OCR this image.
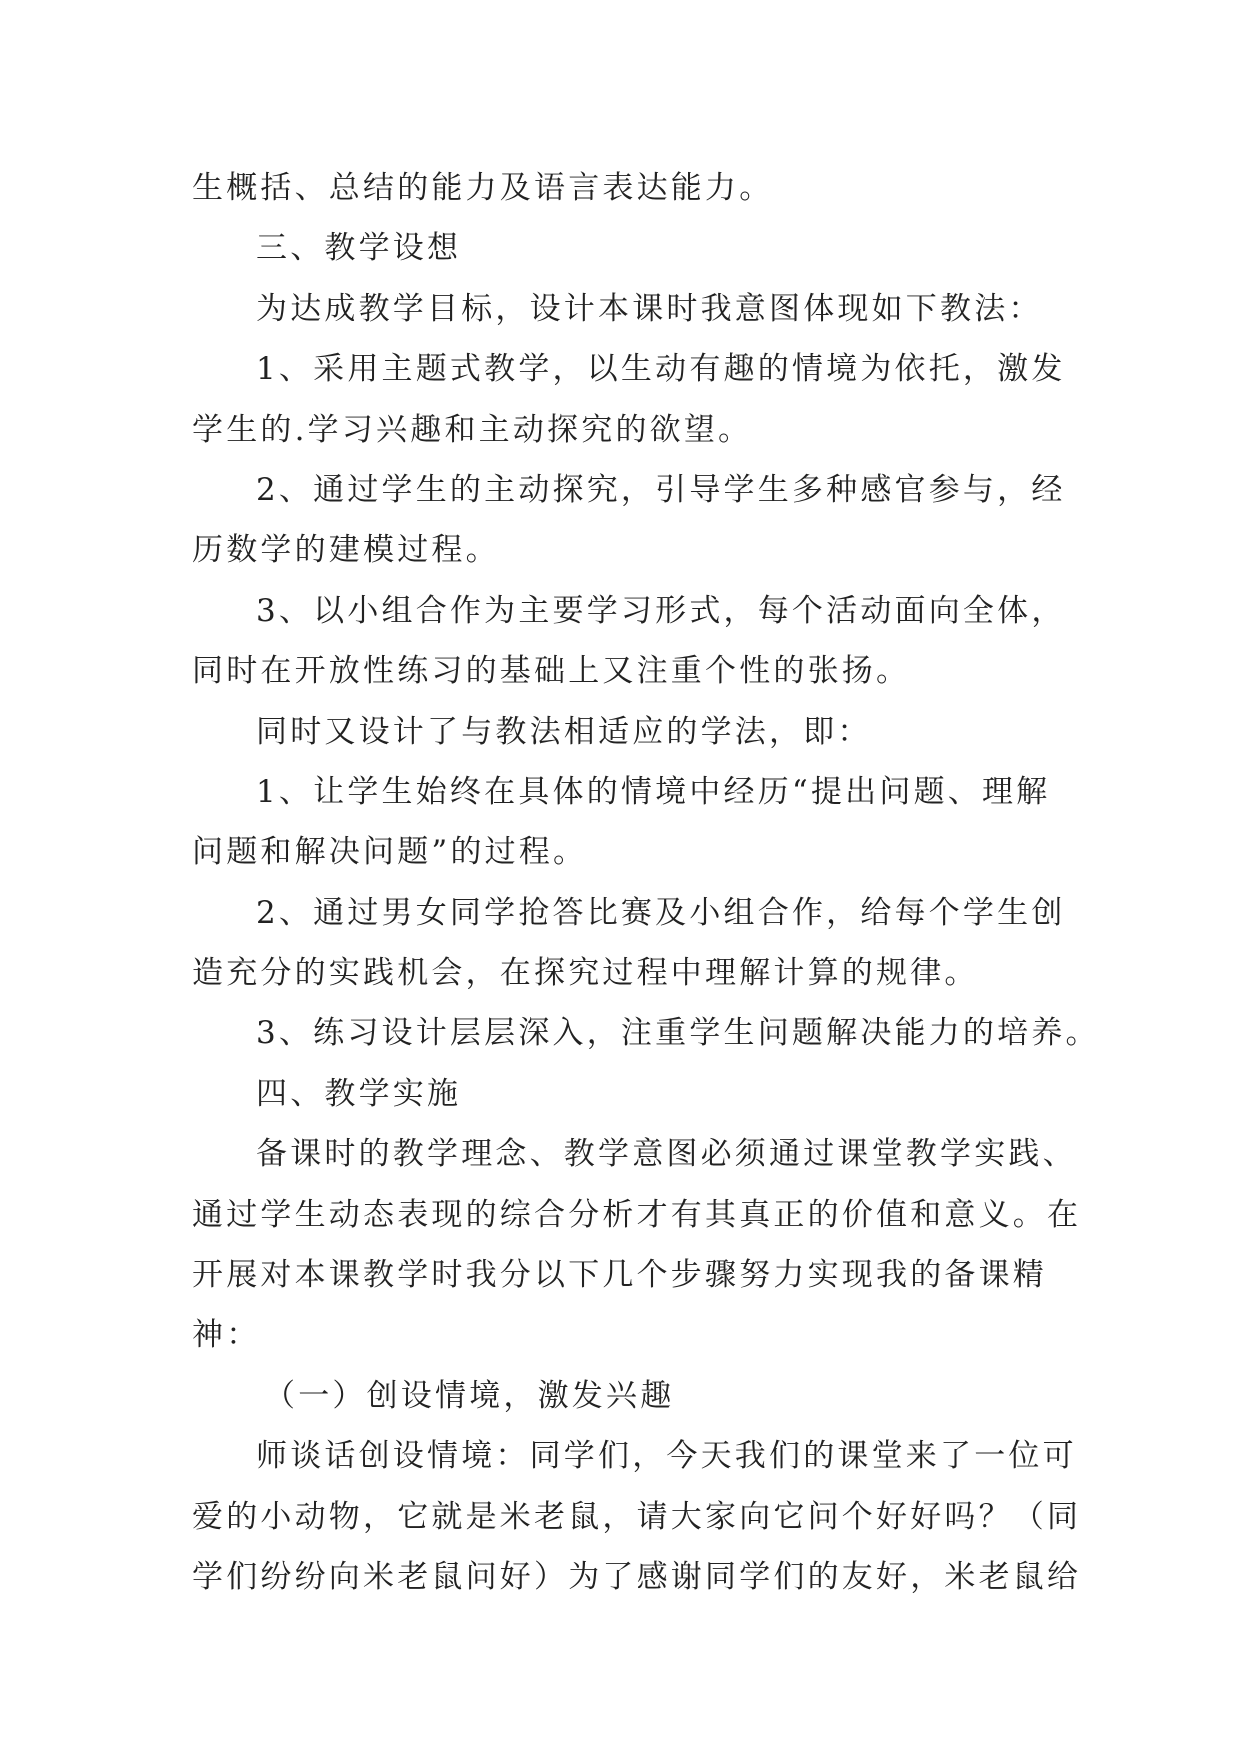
生概括、总结的能力及语言表达能力。

三、教学设想

为达成教学目标，设计本课时我意图体现如下教法：

1、采用主题式教学，以生动有趣的情境为依托，激发

学生的.学习兴趣和主动探究的欲望。

2、通过学生的主动探究，引导学生多种感官参与，经

历数学的建模过程。

3、以小组合作为主要学习形式，每个活动面向全体，

同时在开放性练习的基础上又注重个性的张扬。

同时又设计了与教法相适应的学法，即：

1、让学生始终在具体的情境中经历“提出问题、理解

问题和解决问题”的过程。

2、通过男女同学抢答比赛及小组合作，给每个学生创

造充分的实践机会，在探究过程中理解计算的规律。

3、练习设计层层深入，注重学生问题解决能力的培养。

四、教学实施

备课时的教学理念、教学意图必须通过课堂教学实践、

通过学生动态表现的综合分析才有其真正的价值和意义。在

开展对本课教学时我分以下几个步骤努力实现我的备课精

神：

（一）创设情境，激发兴趣

师谈话创设情境：同学们，今天我们的课堂来了一位可

爱的小动物，它就是米老鼠，请大家向它问个好好吗？（同

学们纷纷向米老鼠问好）为了感谢同学们的友好，米老鼠给
